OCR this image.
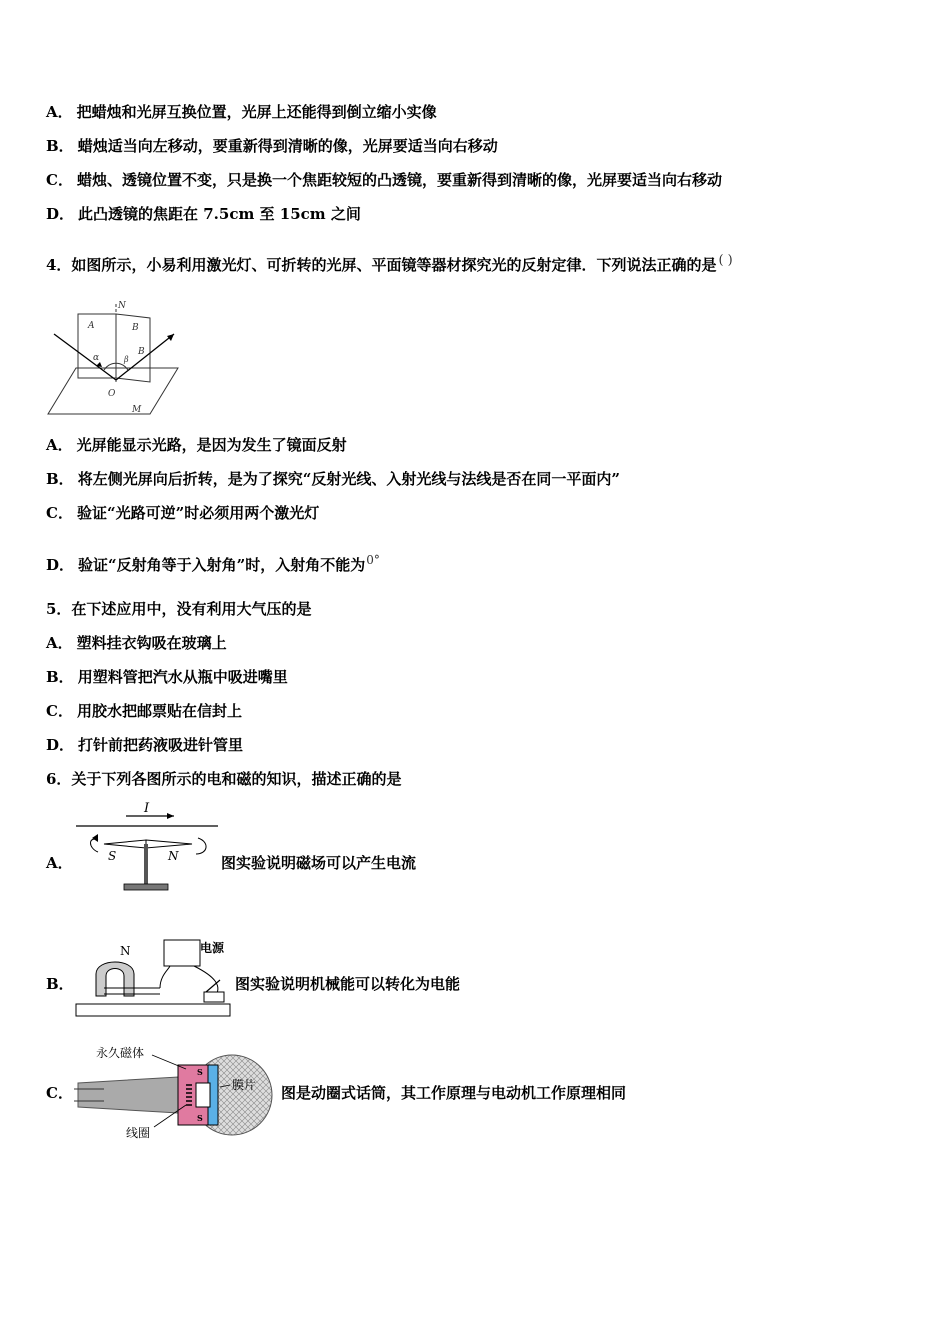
A． 把蜡烛和光屏互换位置，光屏上还能得到倒立缩小实像
B． 蜡烛适当向左移动，要重新得到清晰的像，光屏要适当向右移动
C． 蜡烛、透镜位置不变，只是换一个焦距较短的凸透镜，要重新得到清晰的像，光屏要适当向右移动
D． 此凸透镜的焦距在 7.5cm 至 15cm 之间
4．如图所示，小易利用激光灯、可折转的光屏、平面镜等器材探究光的反射定律．下列说法正确的是 ( )
N
A	B
B
α	β
O
M
A． 光屏能显示光路，是因为发生了镜面反射
B． 将左侧光屏向后折转，是为了探究“反射光线、入射光线与法线是否在同一平面内”
C． 验证“光路可逆”时必须用两个激光灯
D． 验证“反射角等于入射角”时，入射角不能为$^{0^\circ}$
5．在下述应用中，没有利用大气压的是
A． 塑料挂衣钩吸在玻璃上
B． 用塑料管把汽水从瓶中吸进嘴里
C． 用胶水把邮票贴在信封上
D． 打针前把药液吸进针管里
6．关于下列各图所示的电和磁的知识，描述正确的是
A．
I
S	N	图实验说明磁场可以产生电流
B．
N	电源
图实验说明机械能可以转化为电能
C．
S
S
永久磁体
膜片
线圈
图是动圈式话筒，其工作原理与电动机工作原理相同
